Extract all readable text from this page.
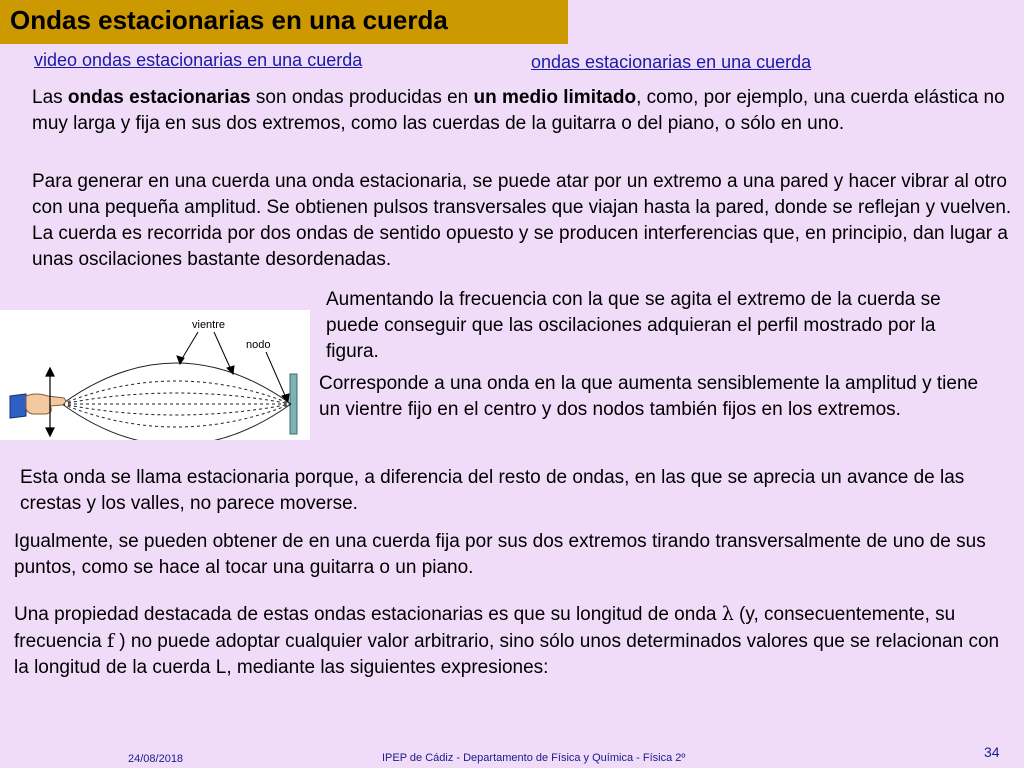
Ondas estacionarias en una cuerda
video ondas estacionarias en una cuerda	ondas estacionarias en una cuerda

Las ondas estacionarias son ondas producidas en un medio limitado, como, por ejemplo, una cuerda elástica no muy larga y fija en sus dos extremos, como las cuerdas de la guitarra o del piano, o sólo en uno.

Para generar en una cuerda una onda estacionaria, se puede atar por un extremo a una pared y hacer vibrar al otro con una pequeña amplitud. Se obtienen pulsos transversales que viajan hasta la pared, donde se reflejan y vuelven. La cuerda es recorrida por dos ondas de sentido opuesto y se producen interferencias que, en principio, dan lugar a unas oscilaciones bastante desordenadas.

Aumentando la frecuencia con la que se agita el extremo de la cuerda se puede conseguir que las oscilaciones adquieran el perfil mostrado por la figura.

Corresponde a una onda en la que aumenta sensiblemente la amplitud y tiene un vientre fijo en el centro y dos nodos también fijos en los extremos.

Esta onda se llama estacionaria porque, a diferencia del resto de ondas, en las que se aprecia un avance de las crestas y los valles, no parece moverse.

Igualmente, se pueden obtener de en una cuerda fija por sus dos extremos tirando transversalmente de uno de sus puntos, como se hace al tocar una guitarra o un piano.

Una propiedad destacada de estas ondas estacionarias es que su longitud de onda λ (y, consecuentemente, su frecuencia f ) no puede adoptar cualquier valor arbitrario, sino sólo unos determinados valores que se relacionan con la longitud de la cuerda L, mediante las siguientes expresiones:

vientre
nodo
24/08/2018	IPEP de Cádiz - Departamento de Física y Química - Física 2º	34
